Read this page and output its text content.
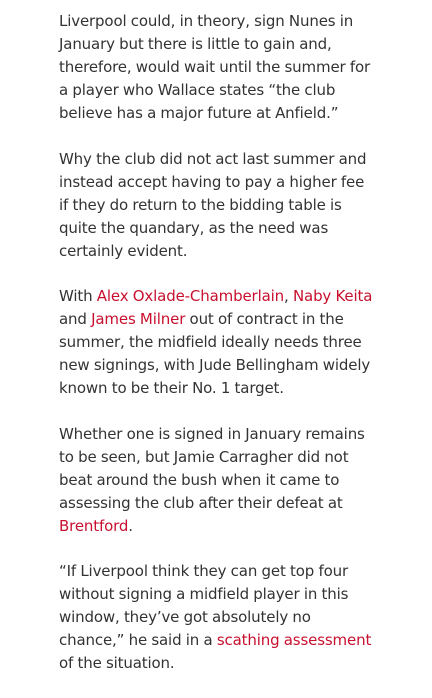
Liverpool could, in theory, sign Nunes in January but there is little to gain and, therefore, would wait until the summer for a player who Wallace states “the club believe has a major future at Anfield.”

Why the club did not act last summer and instead accept having to pay a higher fee if they do return to the bidding table is quite the quandary, as the need was certainly evident.

With Alex Oxlade-Chamberlain, Naby Keita and James Milner out of contract in the summer, the midfield ideally needs three new signings, with Jude Bellingham widely known to be their No. 1 target.

Whether one is signed in January remains to be seen, but Jamie Carragher did not beat around the bush when it came to assessing the club after their defeat at Brentford.

“If Liverpool think they can get top four without signing a midfield player in this window, they’ve got absolutely no chance,” he said in a scathing assessment of the situation.
